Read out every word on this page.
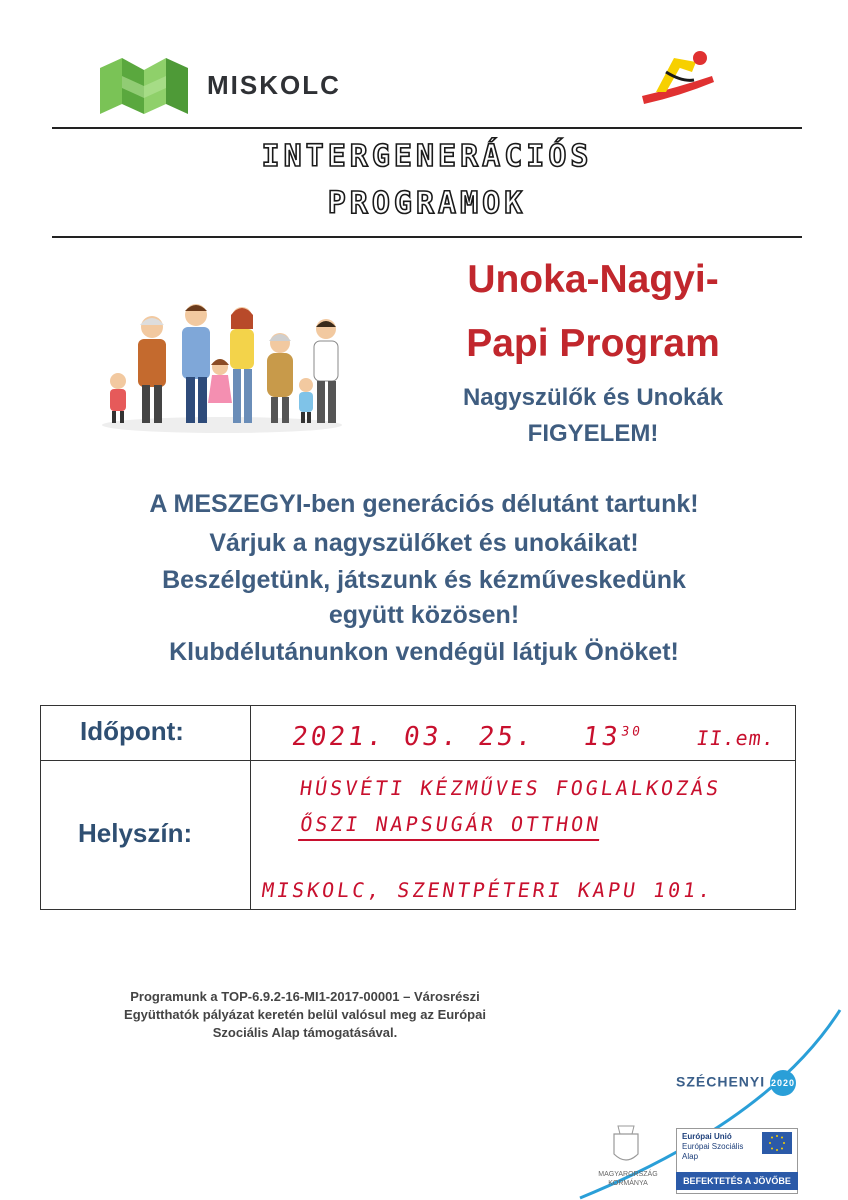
MISKOLC
INTERGENERÁCIÓS
PROGRAMOK
Unoka-Nagyi-
Papi Program
Nagyszülők és Unokák
FIGYELEM!
A MESZEGYI-ben generációs délutánt tartunk!
Várjuk a nagyszülőket és unokáikat!
Beszélgetünk, játszunk és kézműveskedünk
együtt közösen!
Klubdélutánunkon vendégül látjuk Önöket!
Időpont:	2021. 03. 25. $13^{30}$	II.em.
Helyszín:
HÚSVÉTI KÉZMŰVES FOGLALKOZÁS
ŐSZI NAPSUGÁR OTTHON
MISKOLC, SZENTPÉTERI KAPU 101.
Programunk a TOP-6.9.2-16-MI1-2017-00001 – Városrészi
Együtthatók pályázat keretén belül valósul meg az Európai
Szociális Alap támogatásával.
SZÉCHENYI 2020
MAGYARORSZÁG
KORMÁNYA
Európai Unió
Európai Szociális
Alap
BEFEKTETÉS A JÖVŐBE
